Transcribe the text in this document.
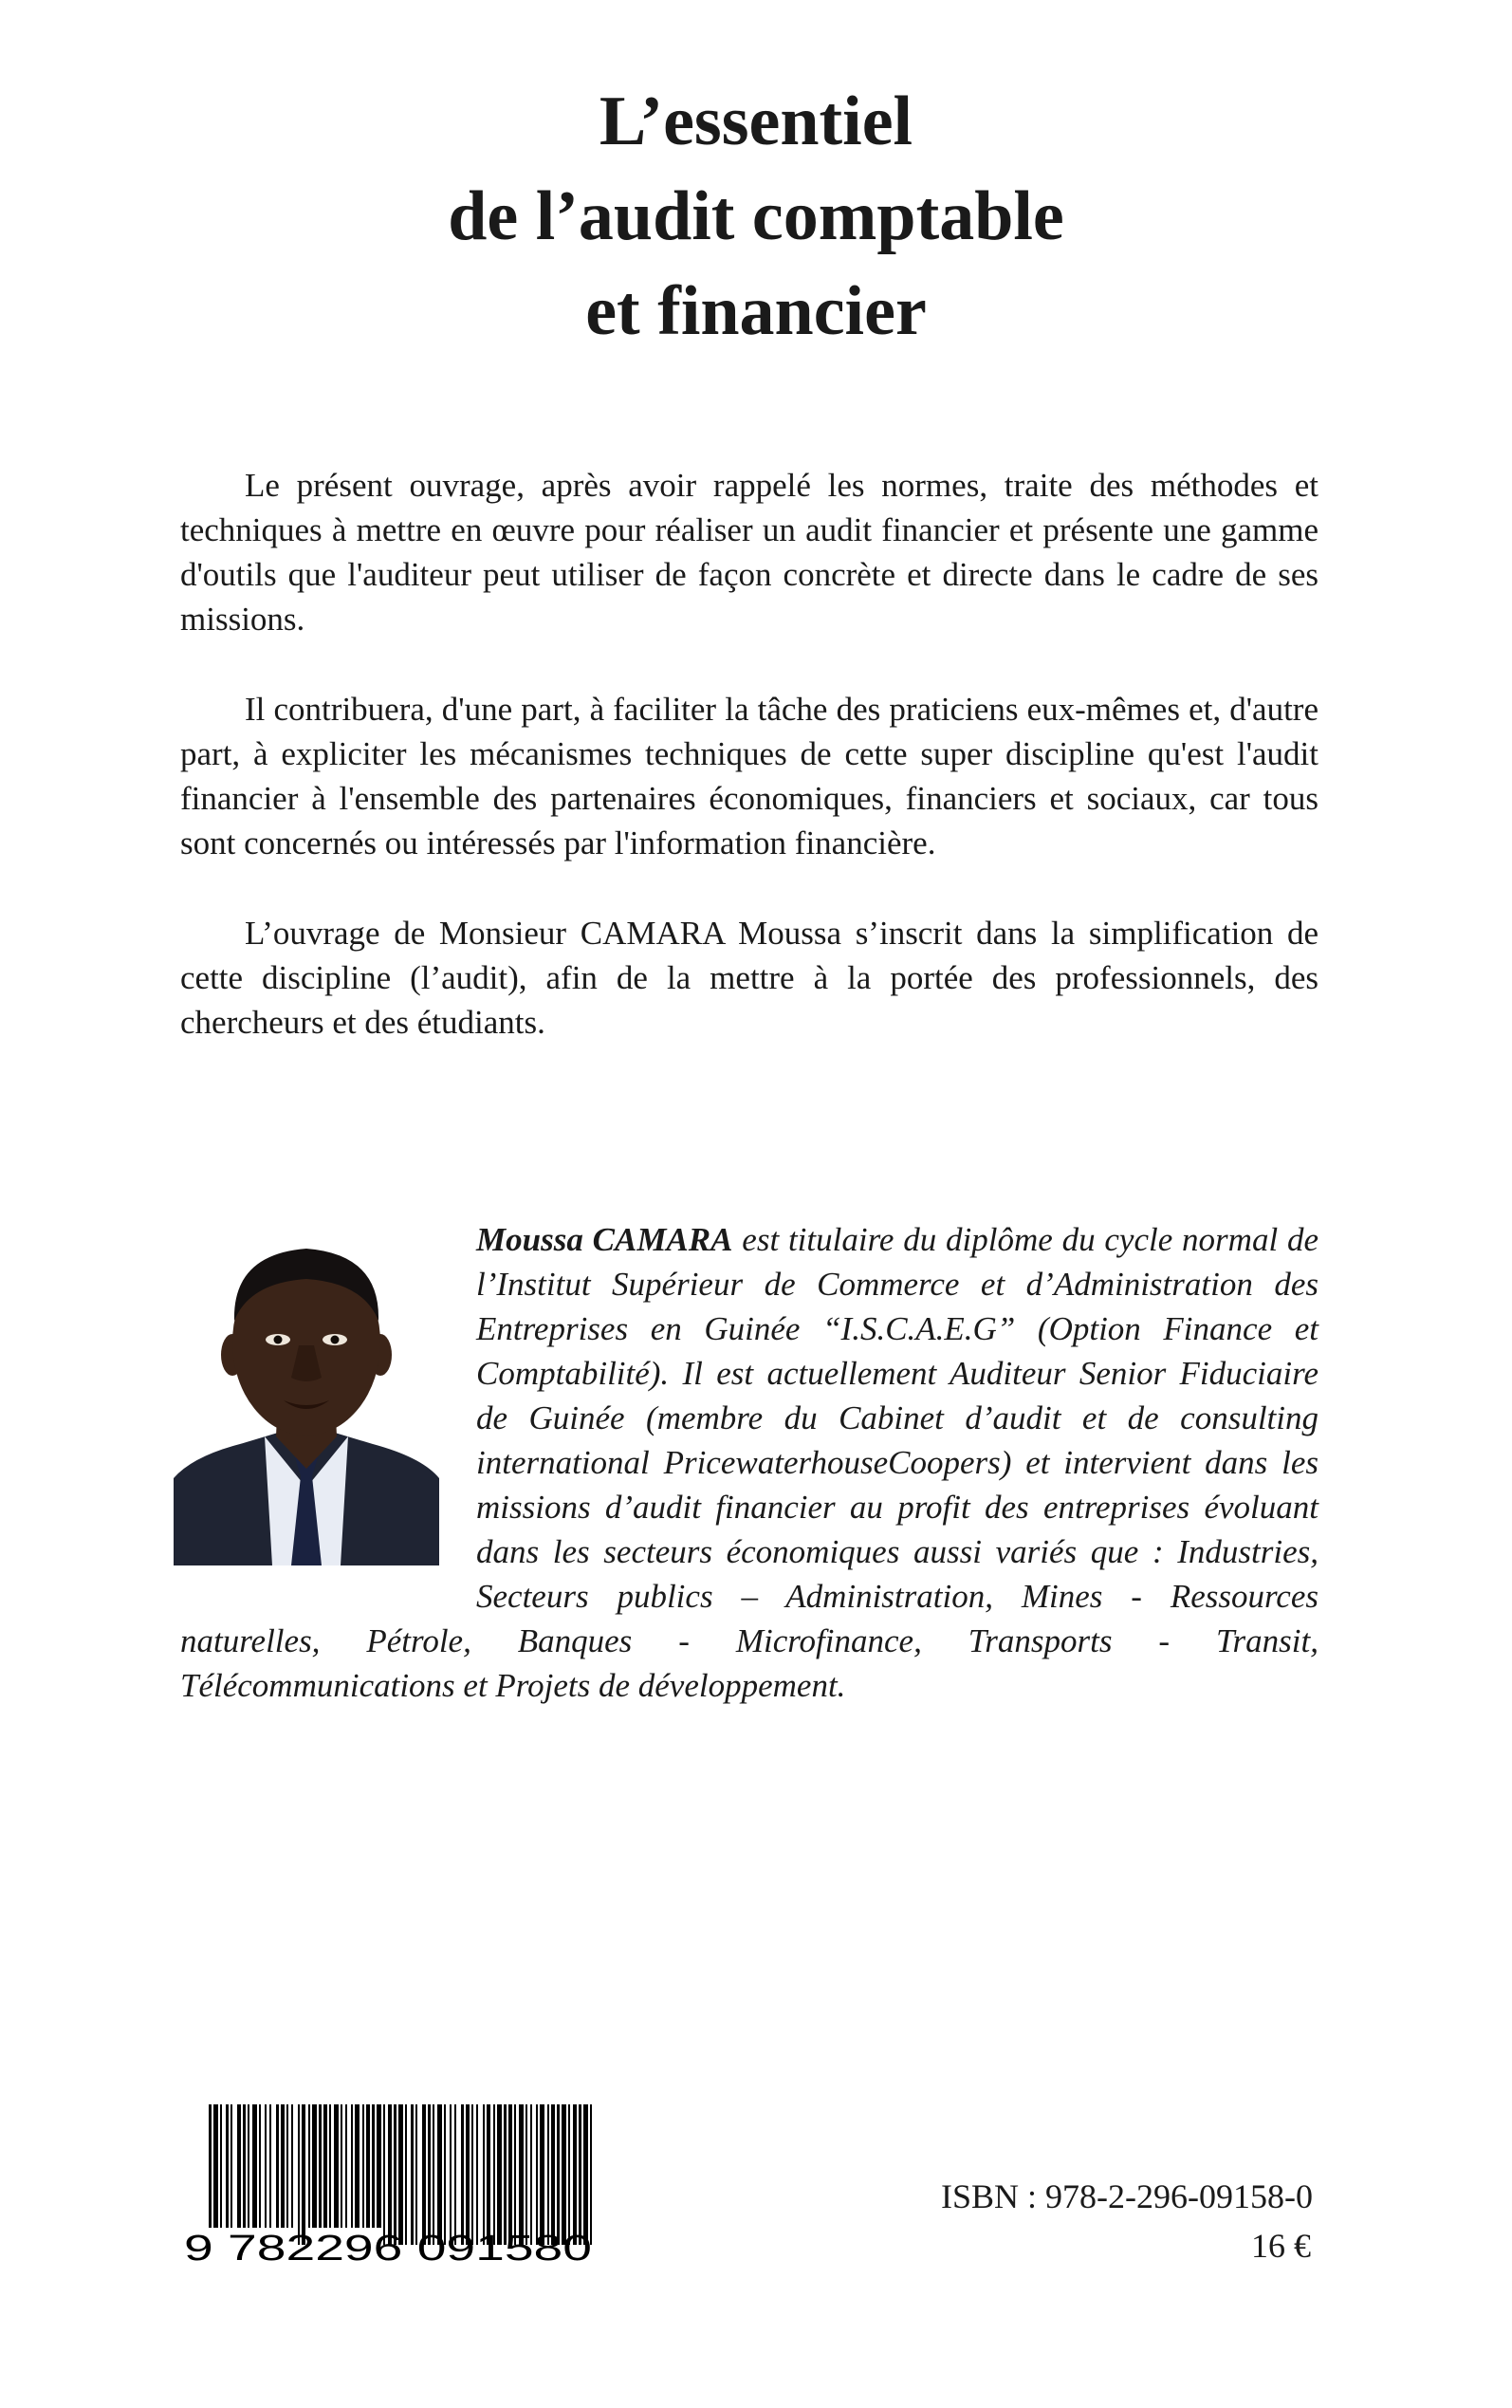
L’essentiel
de l’audit comptable
et financier

Le présent ouvrage, après avoir rappelé les normes, traite des méthodes et techniques à mettre en œuvre pour réaliser un audit financier et présente une gamme d'outils que l'auditeur peut utiliser de façon concrète et directe dans le cadre de ses missions.

Il contribuera, d'une part, à faciliter la tâche des praticiens eux-mêmes et, d'autre part, à expliciter les mécanismes techniques de cette super discipline qu'est l'audit financier à l'ensemble des partenaires économiques, financiers et sociaux, car tous sont concernés ou intéressés par l'information financière.

L’ouvrage de Monsieur CAMARA Moussa s’inscrit dans la simplification de cette discipline (l’audit), afin de la mettre à la portée des professionnels, des chercheurs et des étudiants.

Moussa CAMARA est titulaire du diplôme du cycle normal de l’Institut Supérieur de Commerce et d’Administration des Entreprises en Guinée “I.S.C.A.E.G” (Option Finance et Comptabilité). Il est actuellement Auditeur Senior Fiduciaire de Guinée (membre du Cabinet d’audit et de consulting international PricewaterhouseCoopers) et intervient dans les missions d’audit financier au profit des entreprises évoluant dans les secteurs économiques aussi variés que : Industries, Secteurs publics – Administration, Mines - Ressources naturelles, Pétrole, Banques - Microfinance, Transports - Transit, Télécommunications et Projets de développement.
9 782296 091580
ISBN : 978-2-296-09158-0
16 €
